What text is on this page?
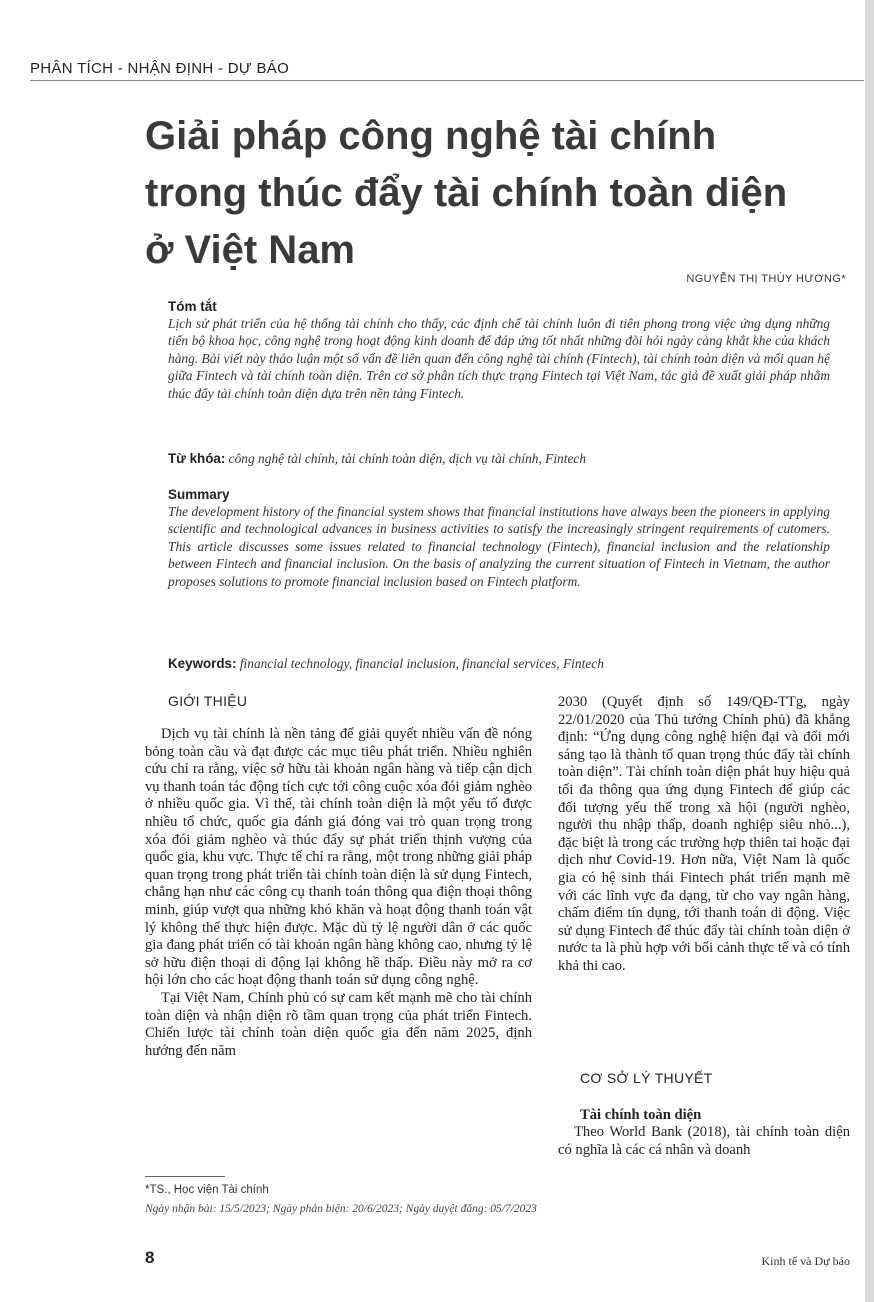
PHÂN TÍCH - NHẬN ĐỊNH - DỰ BÁO
Giải pháp công nghệ tài chính
trong thúc đẩy tài chính toàn diện
ở Việt Nam
NGUYỄN THỊ THÙY HƯƠNG*
Tóm tắt
Lịch sử phát triển của hệ thống tài chính cho thấy, các định chế tài chính luôn đi tiên phong trong việc ứng dụng những tiến bộ khoa học, công nghệ trong hoạt động kinh doanh để đáp ứng tốt nhất những đòi hỏi ngày càng khắt khe của khách hàng. Bài viết này thảo luận một số vấn đề liên quan đến công nghệ tài chính (Fintech), tài chính toàn diện và mối quan hệ giữa Fintech và tài chính toàn diện. Trên cơ sở phân tích thực trạng Fintech tại Việt Nam, tác giả đề xuất giải pháp nhằm thúc đẩy tài chính toàn diện dựa trên nền tảng Fintech.
Từ khóa: công nghệ tài chính, tài chính toàn diện, dịch vụ tài chính, Fintech
Summary
The development history of the financial system shows that financial institutions have always been the pioneers in applying scientific and technological advances in business activities to satisfy the increasingly stringent requirements of cutomers. This article discusses some issues related to financial technology (Fintech), financial inclusion and the relationship between Fintech and financial inclusion. On the basis of analyzing the current situation of Fintech in Vietnam, the author proposes solutions to promote financial inclusion based on Fintech platform.
Keywords: financial technology, financial inclusion, financial services, Fintech
GIỚI THIỆU

Dịch vụ tài chính là nền tảng để giải quyết nhiều vấn đề nóng bỏng toàn cầu và đạt được các mục tiêu phát triển. Nhiều nghiên cứu chỉ ra rằng, việc sở hữu tài khoản ngân hàng và tiếp cận dịch vụ thanh toán tác động tích cực tới công cuộc xóa đói giảm nghèo ở nhiều quốc gia. Vì thế, tài chính toàn diện là một yếu tố được nhiều tổ chức, quốc gia đánh giá đóng vai trò quan trọng trong xóa đói giảm nghèo và thúc đẩy sự phát triển thịnh vượng của quốc gia, khu vực. Thực tế chỉ ra rằng, một trong những giải pháp quan trọng trong phát triển tài chính toàn diện là sử dụng Fintech, chẳng hạn như các công cụ thanh toán thông qua điện thoại thông minh, giúp vượt qua những khó khăn và hoạt động thanh toán vật lý không thể thực hiện được. Mặc dù tỷ lệ người dân ở các quốc gia đang phát triển có tài khoản ngân hàng không cao, nhưng tỷ lệ sở hữu điện thoại di động lại không hề thấp. Điều này mở ra cơ hội lớn cho các hoạt động thanh toán sử dụng công nghệ.

Tại Việt Nam, Chính phủ có sự cam kết mạnh mẽ cho tài chính toàn diện và nhận diện rõ tầm quan trọng của phát triển Fintech. Chiến lược tài chính toàn diện quốc gia đến năm 2025, định hướng đến năm

2030 (Quyết định số 149/QĐ-TTg, ngày 22/01/2020 của Thủ tướng Chính phủ) đã khẳng định: “Ứng dụng công nghệ hiện đại và đổi mới sáng tạo là thành tố quan trọng thúc đẩy tài chính toàn diện”. Tài chính toàn diện phát huy hiệu quả tối đa thông qua ứng dụng Fintech để giúp các đối tượng yếu thế trong xã hội (người nghèo, người thu nhập thấp, doanh nghiệp siêu nhỏ...), đặc biệt là trong các trường hợp thiên tai hoặc đại dịch như Covid-19. Hơn nữa, Việt Nam là quốc gia có hệ sinh thái Fintech phát triển mạnh mẽ với các lĩnh vực đa dạng, từ cho vay ngân hàng, chấm điểm tín dụng, tới thanh toán di động. Việc sử dụng Fintech để thúc đẩy tài chính toàn diện ở nước ta là phù hợp với bối cảnh thực tế và có tính khả thi cao.

CƠ SỞ LÝ THUYẾT
Tài chính toàn diện

Theo World Bank (2018), tài chính toàn diện có nghĩa là các cá nhân và doanh

*TS., Học viện Tài chính
Ngày nhận bài: 15/5/2023; Ngày phản biện: 20/6/2023; Ngày duyệt đăng: 05/7/2023
8	Kinh tế và Dự báo
